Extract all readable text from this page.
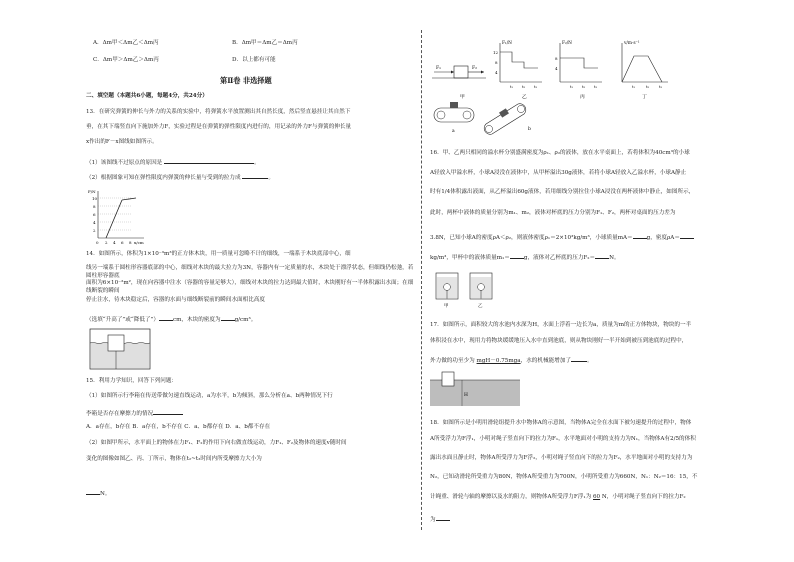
A．Δm甲＜Δm乙＜Δm丙	B．Δm甲＝Δm乙＝Δm丙
C．Δm甲＞Δm乙＞Δm丙	D．以上都有可能
第Ⅱ卷 非选择题
二、填空题（本题共6小题，每题4分，共24分）
13．在研究弹簧的伸长与外力的关系的实验中，将弹簧水平放置测出其自然长度，然后竖直悬挂让其自然下
垂，在其下端竖直向下施加外力F，实验过程是在弹簧的弹性限度内进行的，用记录的外力F与弹簧的伸长量
x作出的F－x图线如图所示。
（1）该图线不过原点的原因是	。
（2）根据图象可知在弹性限度内弹簧的伸长量与受到的拉力成	。
F/N
10
8
6
4
2
0 2 4 6 8 x/cm
14．如图所示，体积为1×10⁻³m³的正方体木块，用一质量可忽略不计的细线，一端系于木块底部中心，细
线另一端系于圆柱形容器底部的中心，细线对木块的最大拉力为3N，容器内有一定质量的水，木块处于漂浮状态，但细线仍松弛，若圆柱形容器底
面积为6×10⁻²m²，现在向容器中注水（容器的容量足够大），细线对木块的拉力达到最大值时，木块刚好有一半体积露出水面；在细线断裂的瞬间
停止注水，待木块稳定后，容器的水面与细线断裂前的瞬间水面相比高度
（选填“升高了”或“降低了”）	cm，木块的密度为	g/cm³。
15．利用力学知识，回答下列问题：
（1）如图所示行李箱在传送带做匀速直线运动，a为水平，b为倾斜，那么分析在a、b两种情况下行
李箱是否存在摩擦力的情况
A．a存在，b存在 B．a存在，b不存在 C．a、b都存在 D．a、b都不存在
（2）如图甲所示，水平面上的物体在力F₁、F₂的作用下向右做直线运动，力F₁、F₂及物体的速度v随时间
变化的图像如图乙、丙、丁所示，物体在t₂~t₃时间内所受摩擦力大小为
N。
F₁	F₂
F₁/N
12
8
4
t₁ t₂ t₃
F₂/N
8
4
t₁ t₂ t₃
v/m·s⁻¹
t₁	t₂	t₃
甲	乙	丙	丁
a	b
16．甲、乙两只相同的溢水杯分别盛满密度为ρ₁、ρ₂的液体，放在水平桌面上，若将体积为40cm³的小球
A轻放入甲溢水杯，小球A浸没在液体中，从甲杯溢出30g液体，若将小球A轻放入乙溢水杯，小球A静止
时有1/4体积露出液面，从乙杯溢出60g液体，若用细线分别拉住小球A浸没在两杯液体中静止，如图所示，
此时，两杯中液体的质量分别为m₁、m₂，液体对杯底的压力分别为F₁、F₂，两杯对桌面的压力差为
3.8N，已知小球A的密度ρA＜ρ₂，则液体密度ρ₁＝2×10³kg/m³，小球质量mA＝	g，密度ρA＝
kg/m³，甲杯中的液体质量m₁＝	g，液体对乙杯底的压力F₂＝	N。
甲	乙
17．如图所示，面积较大的水池内水深为H，水面上浮着一边长为a，质量为m的正方体物块，物块的一半
体积浸在水中，现用力将物块缓缓地压入水中直到池底，则从物块刚好一半开始到被压到池底的过程中，
外力做的功至少为 mgH－0.75mga，水的机械能增加了	。
H
18．如图所示是小明用滑轮组提升水中物体A的示意图，当物体A完全在水面下被匀速提升的过程中，物体
A所受浮力为F浮₁，小明对绳子竖直向下的拉力为F₁，水平地面对小明的支持力为N₁，当物体A有2/5的体积
露出水面且静止时，物体A所受浮力为F浮₂，小明对绳子竖直向下的拉力为F₂，水平地面对小明的支持力为
N₂，已知动滑轮所受重力为80N，物体A所受重力为700N，小明所受重力为660N，N₁：N₂＝16：15，不
计绳重、滑轮与轴的摩擦以及水的阻力，则物体A所受浮力F浮₁为 60 N，小明对绳子竖直向下的拉力F₂
为
